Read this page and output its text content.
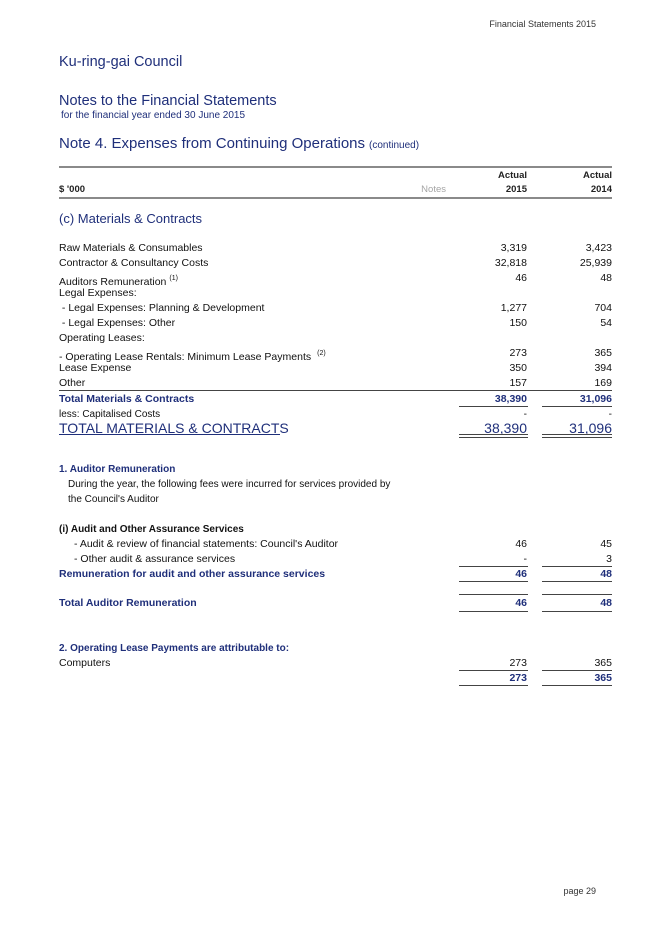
Financial Statements 2015
Ku-ring-gai Council
Notes to the Financial Statements
for the financial year ended 30 June 2015
Note 4. Expenses from Continuing Operations (continued)
Actual	Actual
$ '000	Notes	2015	2014
(c) Materials & Contracts
Raw Materials & Consumables	3,319	3,423
Contractor & Consultancy Costs	32,818	25,939
Auditors Remuneration $^{(1)}$	46	48
Legal Expenses:
- Legal Expenses: Planning & Development	1,277	704
- Legal Expenses: Other	150	54
Operating Leases:
- Operating Lease Rentals: Minimum Lease Payments $^{(2)}$	273	365
Lease Expense	350	394
Other	157	169
Total Materials & Contracts	38,390	31,096
less: Capitalised Costs	-	-
TOTAL MATERIALS & CONTRACTS	38,390	31,096
1. Auditor Remuneration
During the year, the following fees were incurred for services provided by
the Council's Auditor
(i) Audit and Other Assurance Services
- Audit & review of financial statements: Council's Auditor	46	45
- Other audit & assurance services	-	3
Remuneration for audit and other assurance services	46	48
Total Auditor Remuneration	46	48
2. Operating Lease Payments are attributable to:
Computers	273	365
273	365
page 29
